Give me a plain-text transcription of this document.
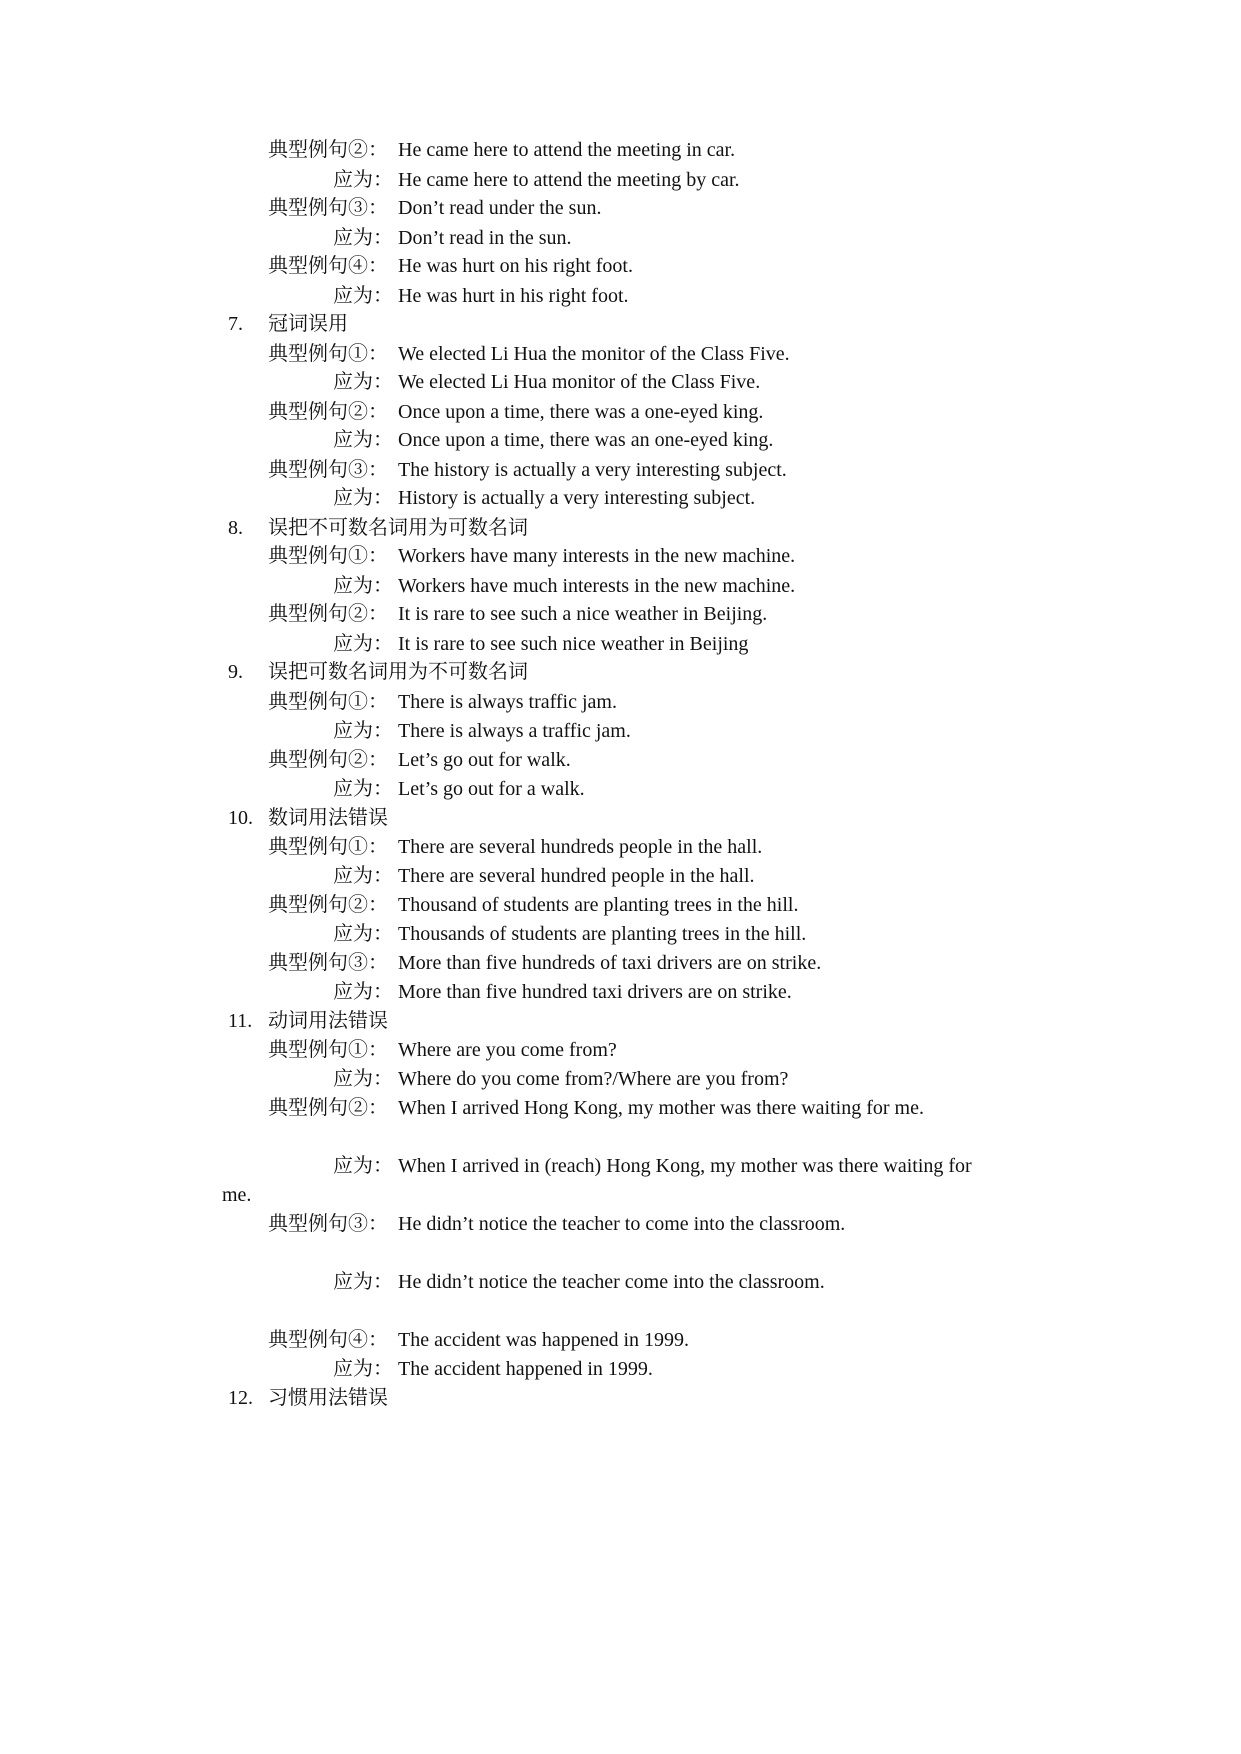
典型例句②： He came here to attend the meeting in car.
应为： He came here to attend the meeting by car.
典型例句③： Don’t read under the sun.
应为： Don’t read in the sun.
典型例句④： He was hurt on his right foot.
应为： He was hurt in his right foot.
7. 冠词误用
典型例句①： We elected Li Hua the monitor of the Class Five.
应为： We elected Li Hua monitor of the Class Five.
典型例句②： Once upon a time, there was a one-eyed king.
应为： Once upon a time, there was an one-eyed king.
典型例句③： The history is actually a very interesting subject.
应为： History is actually a very interesting subject.
8. 误把不可数名词用为可数名词
典型例句①： Workers have many interests in the new machine.
应为： Workers have much interests in the new machine.
典型例句②： It is rare to see such a nice weather in Beijing.
应为： It is rare to see such nice weather in Beijing
9. 误把可数名词用为不可数名词
典型例句①： There is always traffic jam.
应为： There is always a traffic jam.
典型例句②： Let’s go out for walk.
应为： Let’s go out for a walk.
10. 数词用法错误
典型例句①： There are several hundreds people in the hall.
应为： There are several hundred people in the hall.
典型例句②： Thousand of students are planting trees in the hill.
应为： Thousands of students are planting trees in the hill.
典型例句③： More than five hundreds of taxi drivers are on strike.
应为： More than five hundred taxi drivers are on strike.
11. 动词用法错误
典型例句①： Where are you come from?
应为： Where do you come from?/Where are you from?
典型例句②： When I arrived Hong Kong, my mother was there waiting for me.
应为： When I arrived in (reach) Hong Kong, my mother was there waiting for
me.
典型例句③： He didn’t notice the teacher to come into the classroom.
应为： He didn’t notice the teacher come into the classroom.
典型例句④： The accident was happened in 1999.
应为： The accident happened in 1999.
12. 习惯用法错误
